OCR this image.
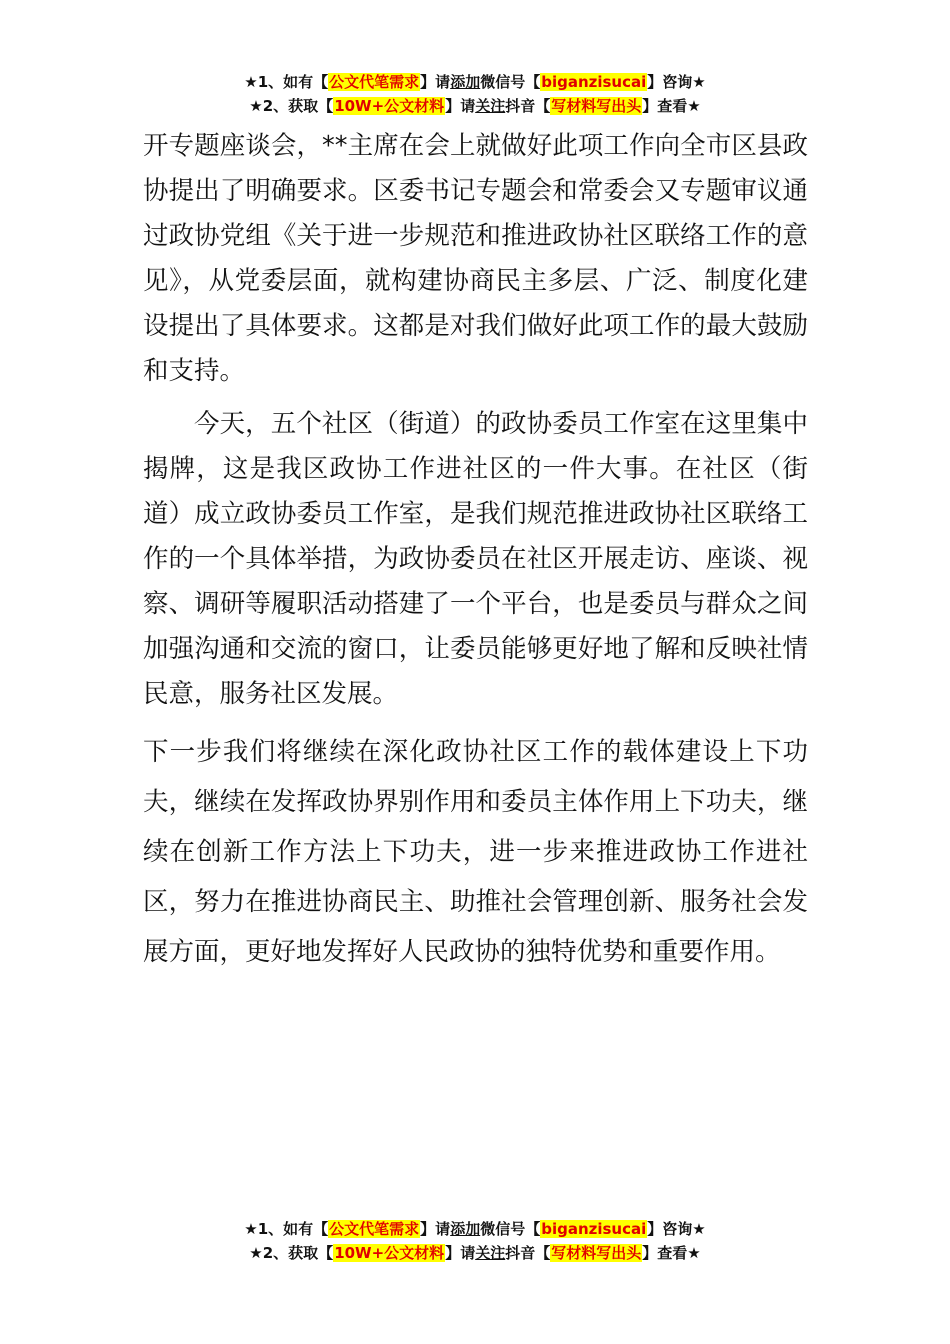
★1、如有【公文代笔需求】请添加微信号【biganzisucai】咨询★
★2、获取【10W+公文材料】请关注抖音【写材料写出头】查看★

开专题座谈会，**主席在会上就做好此项工作向全市区县政协提出了明确要求。区委书记专题会和常委会又专题审议通过政协党组《关于进一步规范和推进政协社区联络工作的意见》，从党委层面，就构建协商民主多层、广泛、制度化建设提出了具体要求。这都是对我们做好此项工作的最大鼓励和支持。

今天，五个社区（街道）的政协委员工作室在这里集中揭牌，这是我区政协工作进社区的一件大事。在社区（街道）成立政协委员工作室，是我们规范推进政协社区联络工作的一个具体举措，为政协委员在社区开展走访、座谈、视察、调研等履职活动搭建了一个平台，也是委员与群众之间加强沟通和交流的窗口，让委员能够更好地了解和反映社情民意，服务社区发展。

下一步我们将继续在深化政协社区工作的载体建设上下功夫，继续在发挥政协界别作用和委员主体作用上下功夫，继续在创新工作方法上下功夫，进一步来推进政协工作进社区，努力在推进协商民主、助推社会管理创新、服务社会发展方面，更好地发挥好人民政协的独特优势和重要作用。

★1、如有【公文代笔需求】请添加微信号【biganzisucai】咨询★
★2、获取【10W+公文材料】请关注抖音【写材料写出头】查看★
